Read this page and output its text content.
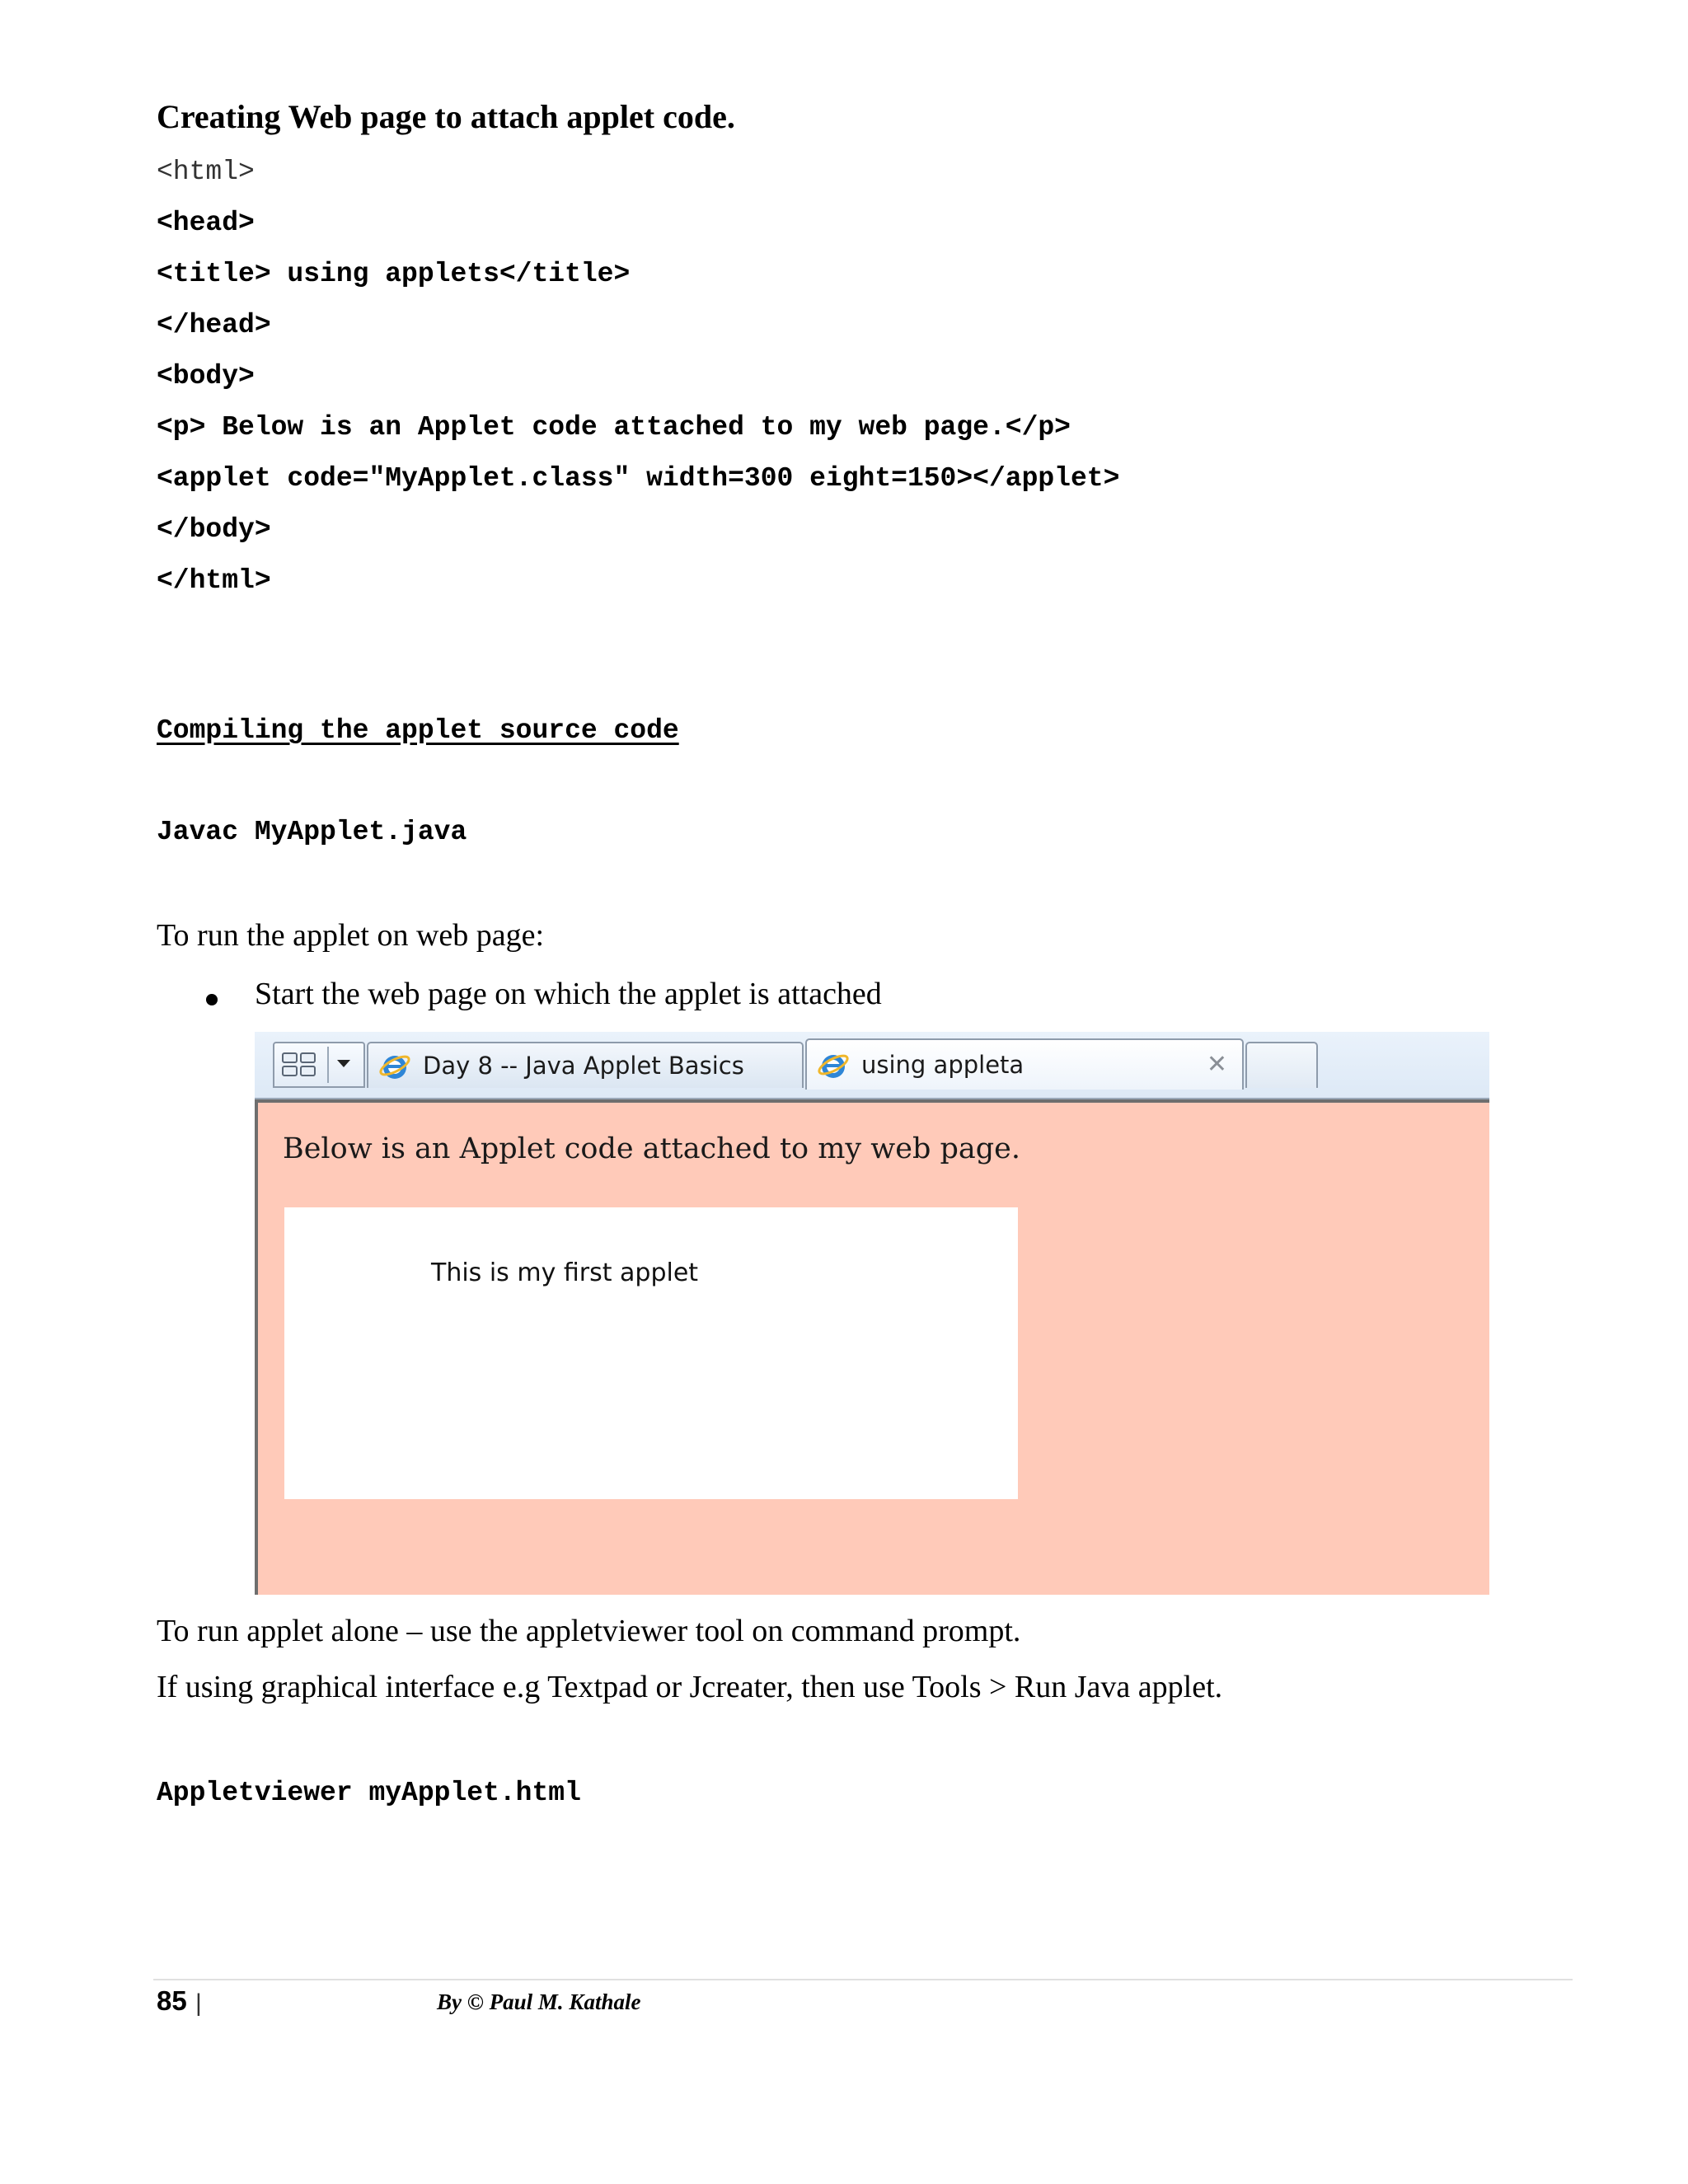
Creating Web page to attach applet code.
<html>
<head>
<title> using applets</title>
</head>
<body>
<p> Below is an Applet code attached to my web page.</p>
<applet code="MyApplet.class" width=300 eight=150></applet>
</body>
</html>
Compiling the applet source code
Javac MyApplet.java
To run the applet on web page:
Start the web page on which the applet is attached
Day 8 -- Java Applet Basics	using appleta	✕
Below is an Applet code attached to my web page.
This is my first applet
To run applet alone – use the appletviewer tool on command prompt.
If using graphical interface e.g Textpad or Jcreater, then use Tools > Run Java applet.
Appletviewer myApplet.html
85 |	By © Paul M. Kathale
